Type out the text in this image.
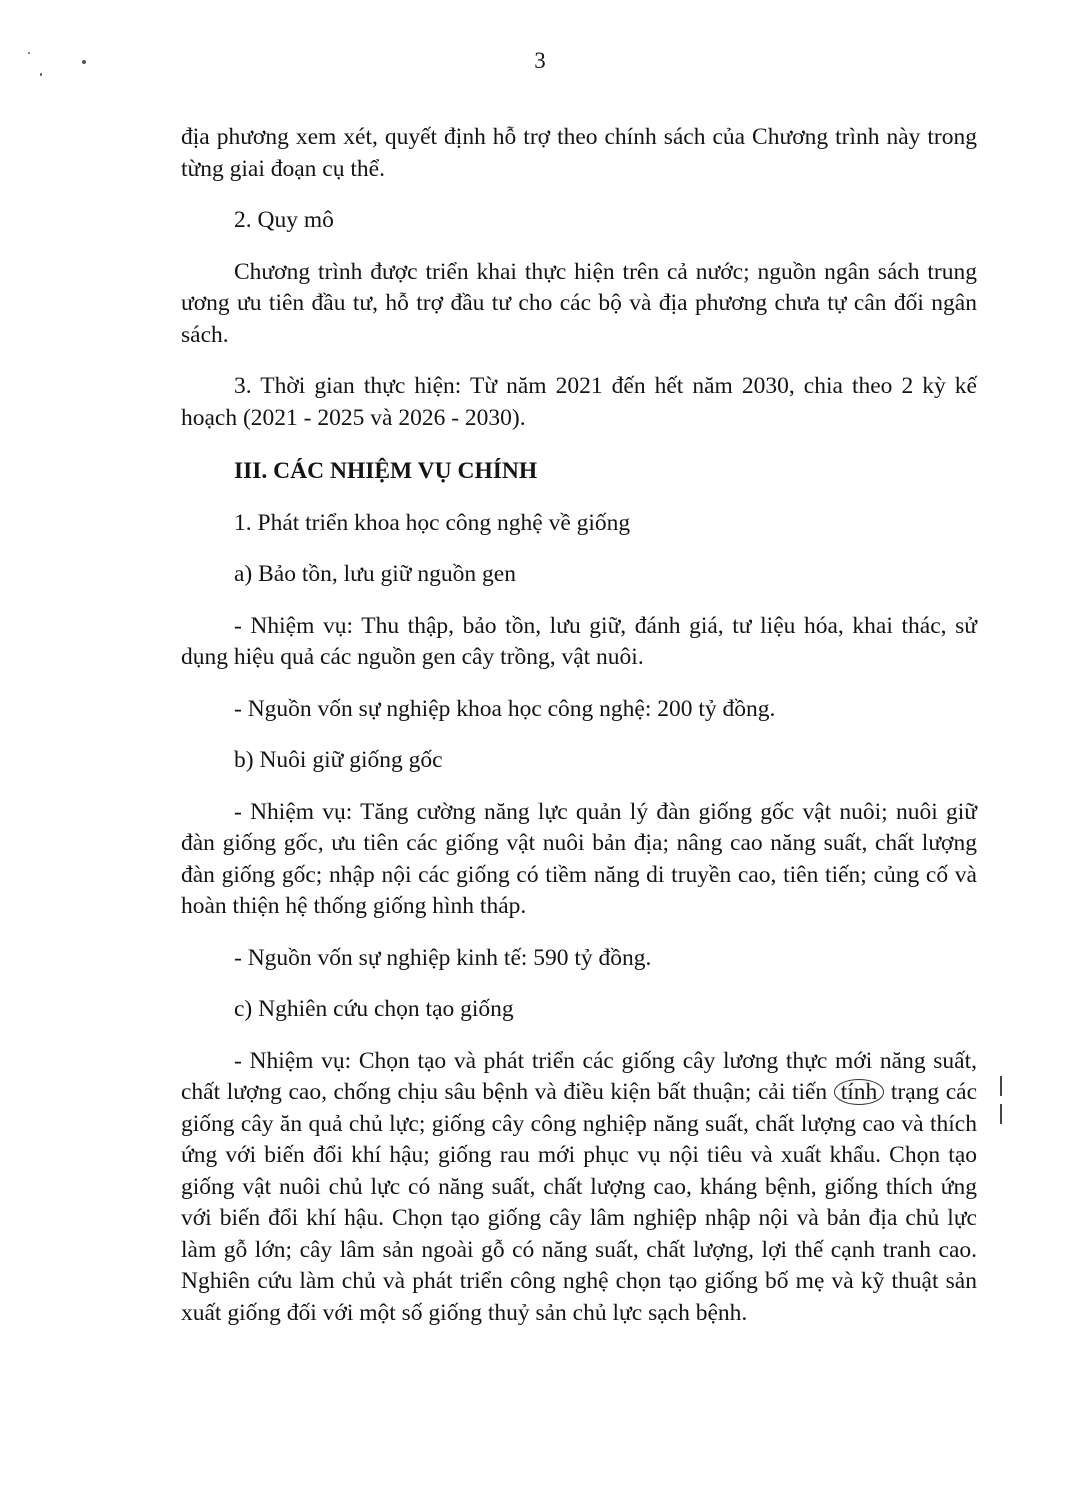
3

địa phương xem xét, quyết định hỗ trợ theo chính sách của Chương trình này trong từng giai đoạn cụ thể.

2. Quy mô

Chương trình được triển khai thực hiện trên cả nước; nguồn ngân sách trung ương ưu tiên đầu tư, hỗ trợ đầu tư cho các bộ và địa phương chưa tự cân đối ngân sách.

3. Thời gian thực hiện: Từ năm 2021 đến hết năm 2030, chia theo 2 kỳ kế hoạch (2021 - 2025 và 2026 - 2030).

III. CÁC NHIỆM VỤ CHÍNH

1. Phát triển khoa học công nghệ về giống

a) Bảo tồn, lưu giữ nguồn gen

- Nhiệm vụ: Thu thập, bảo tồn, lưu giữ, đánh giá, tư liệu hóa, khai thác, sử dụng hiệu quả các nguồn gen cây trồng, vật nuôi.

- Nguồn vốn sự nghiệp khoa học công nghệ: 200 tỷ đồng.

b) Nuôi giữ giống gốc

- Nhiệm vụ: Tăng cường năng lực quản lý đàn giống gốc vật nuôi; nuôi giữ đàn giống gốc, ưu tiên các giống vật nuôi bản địa; nâng cao năng suất, chất lượng đàn giống gốc; nhập nội các giống có tiềm năng di truyền cao, tiên tiến; củng cố và hoàn thiện hệ thống giống hình tháp.

- Nguồn vốn sự nghiệp kinh tế: 590 tỷ đồng.

c) Nghiên cứu chọn tạo giống

- Nhiệm vụ: Chọn tạo và phát triển các giống cây lương thực mới năng suất, chất lượng cao, chống chịu sâu bệnh và điều kiện bất thuận; cải tiến tính trạng các giống cây ăn quả chủ lực; giống cây công nghiệp năng suất, chất lượng cao và thích ứng với biến đổi khí hậu; giống rau mới phục vụ nội tiêu và xuất khẩu. Chọn tạo giống vật nuôi chủ lực có năng suất, chất lượng cao, kháng bệnh, giống thích ứng với biến đổi khí hậu. Chọn tạo giống cây lâm nghiệp nhập nội và bản địa chủ lực làm gỗ lớn; cây lâm sản ngoài gỗ có năng suất, chất lượng, lợi thế cạnh tranh cao. Nghiên cứu làm chủ và phát triển công nghệ chọn tạo giống bố mẹ và kỹ thuật sản xuất giống đối với một số giống thuỷ sản chủ lực sạch bệnh.
